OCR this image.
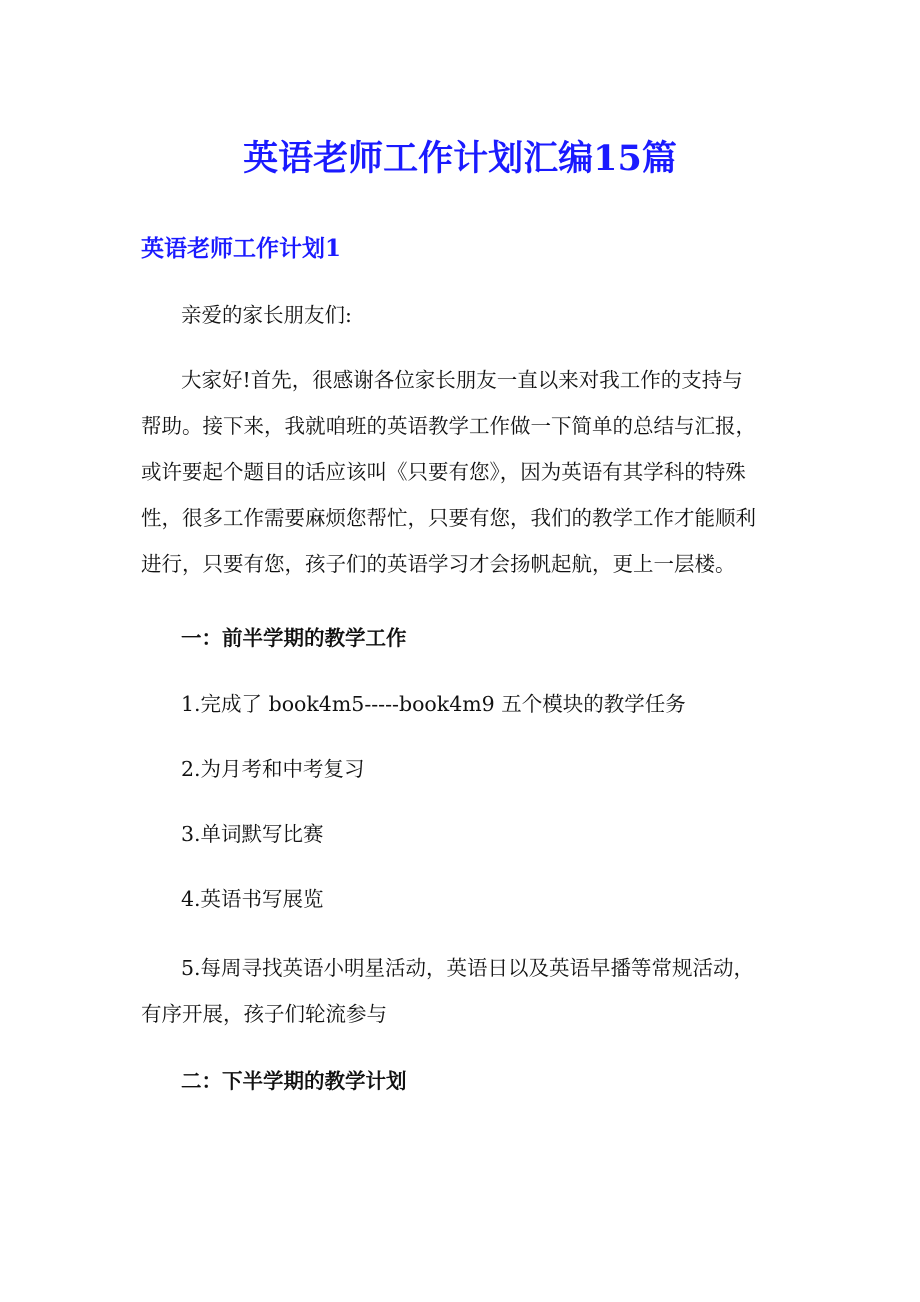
英语老师工作计划汇编15篇
英语老师工作计划1

亲爱的家长朋友们:

大家好!首先，很感谢各位家长朋友一直以来对我工作的支持与

帮助。接下来，我就咱班的英语教学工作做一下简单的总结与汇报，

或许要起个题目的话应该叫《只要有您》，因为英语有其学科的特殊

性，很多工作需要麻烦您帮忙，只要有您，我们的教学工作才能顺利

进行，只要有您，孩子们的英语学习才会扬帆起航，更上一层楼。

一：前半学期的教学工作

1.完成了 book4m5-----book4m9 五个模块的教学任务

2.为月考和中考复习

3.单词默写比赛

4.英语书写展览

5.每周寻找英语小明星活动，英语日以及英语早播等常规活动，

有序开展，孩子们轮流参与

二：下半学期的教学计划
